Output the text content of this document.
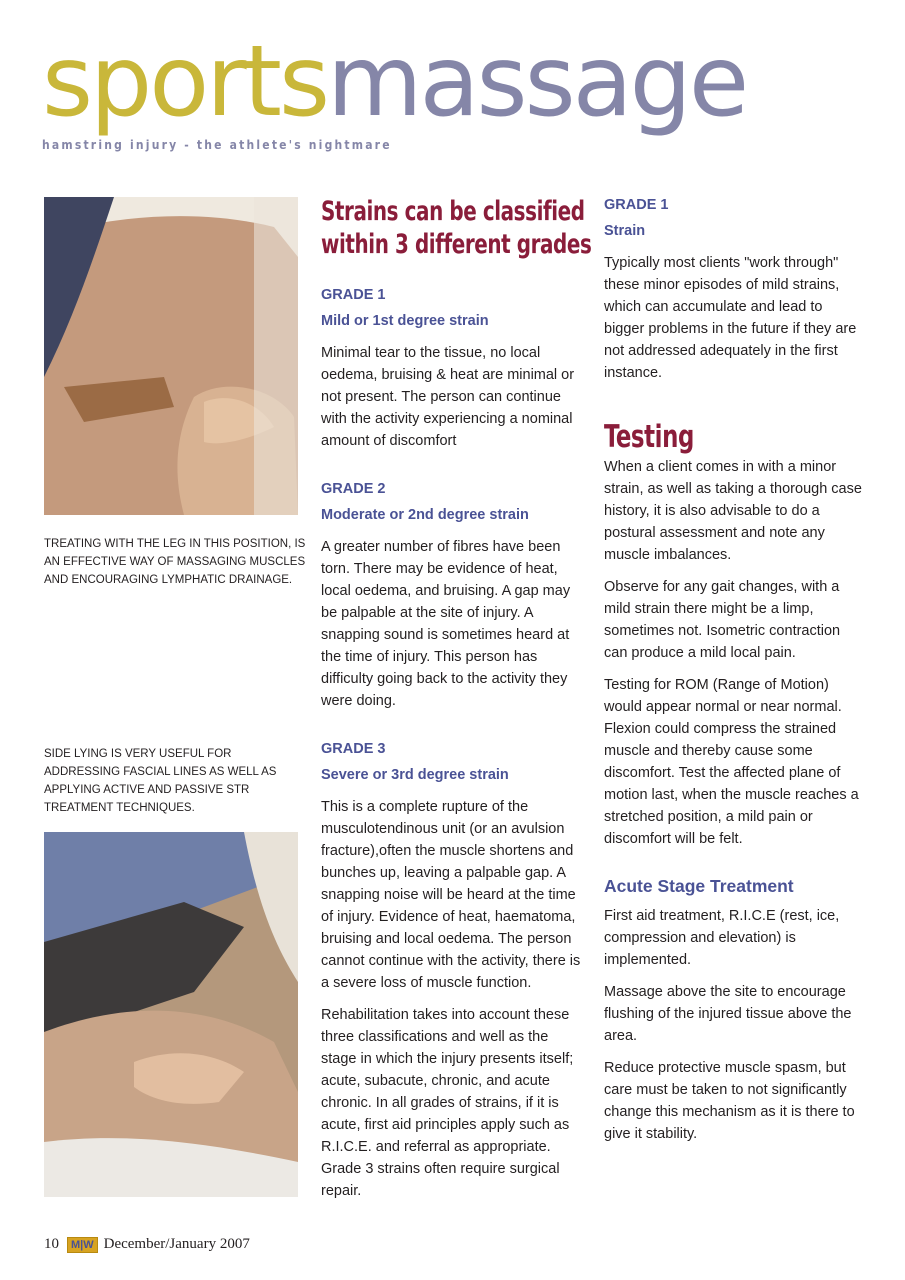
sportsmassage
hamstring injury - the athlete's nightmare
TREATING WITH THE LEG IN THIS POSITION, IS AN EFFECTIVE WAY OF MASSAGING MUSCLES AND ENCOURAGING LYMPHATIC DRAINAGE.
SIDE LYING IS VERY USEFUL FOR ADDRESSING FASCIAL LINES AS WELL AS APPLYING ACTIVE AND PASSIVE STR TREATMENT TECHNIQUES.
Strains can be classified
within 3 different grades
GRADE 1
Mild or 1st degree strain

Minimal tear to the tissue, no local oedema, bruising & heat are minimal or not present. The person can continue with the activity experiencing a nominal amount of discomfort

GRADE 2
Moderate or 2nd degree strain

A greater number of fibres have been torn. There may be evidence of heat, local oedema, and bruising. A gap may be palpable at the site of injury. A snapping sound is sometimes heard at the time of injury. This person has difficulty going back to the activity they were doing.

GRADE 3
Severe or 3rd degree strain

This is a complete rupture of the musculotendinous unit (or an avulsion fracture),often the muscle shortens and bunches up, leaving a palpable gap. A snapping noise will be heard at the time of injury. Evidence of heat, haematoma, bruising and local oedema. The person cannot continue with the activity, there is a severe loss of muscle function.

Rehabilitation takes into account these three classifications and well as the stage in which the injury presents itself; acute, subacute, chronic, and acute chronic. In all grades of strains, if it is acute, first aid principles apply such as R.I.C.E. and referral as appropriate. Grade 3 strains often require surgical repair.

GRADE 1
Strain

Typically most clients "work through" these minor episodes of mild strains, which can accumulate and lead to bigger problems in the future if they are not addressed adequately in the first instance.

Testing

When a client comes in with a minor strain, as well as taking a thorough case history, it is also advisable to do a postural assessment and note any muscle imbalances.

Observe for any gait changes, with a mild strain there might be a limp, sometimes not. Isometric contraction can produce a mild local pain.

Testing for ROM (Range of Motion) would appear normal or near normal. Flexion could compress the strained muscle and thereby cause some discomfort. Test the affected plane of motion last, when the muscle reaches a stretched position, a mild pain or discomfort will be felt.

Acute Stage Treatment

First aid treatment, R.I.C.E (rest, ice, compression and elevation) is implemented.

Massage above the site to encourage flushing of the injured tissue above the area.

Reduce protective muscle spasm, but care must be taken to not significantly change this mechanism as it is there to give it stability.

10 M|W December/January 2007
